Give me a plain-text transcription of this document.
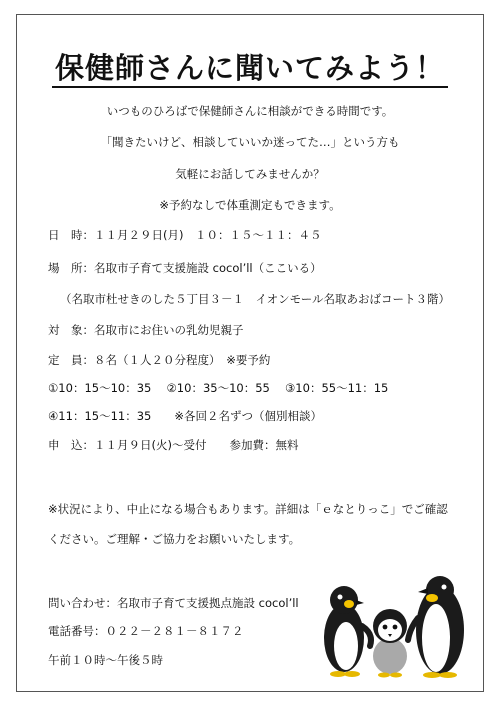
保健師さんに聞いてみよう！
いつものひろばで保健師さんに相談ができる時間です。
「聞きたいけど、相談していいか迷ってた…」という方も
気軽にお話してみませんか？
※予約なしで体重測定もできます。
日　時：１１月２９日(月)　１０：１５～１１：４５
場　所：名取市子育て支援施設 cocol’ll（ここいる）
（名取市杜せきのした５丁目３－１　イオンモール名取あおばコート３階）
対　象：名取市にお住いの乳幼児親子
定　員：８名（１人２０分程度）　※要予約
①10：15～10：35　 ②10：35～10：55　 ③10：55～11：15
④11：15～11：35　　※各回２名ずつ（個別相談）
申　込：１１月９日(火)～受付　　参加費：無料
※状況により、中止になる場合もあります。詳細は「ｅなとりっこ」でご確認
ください。ご理解・ご協力をお願いいたします。
問い合わせ：名取市子育て支援拠点施設 cocol’ll
電話番号：０２２－２８１－８１７２
午前１０時～午後５時
